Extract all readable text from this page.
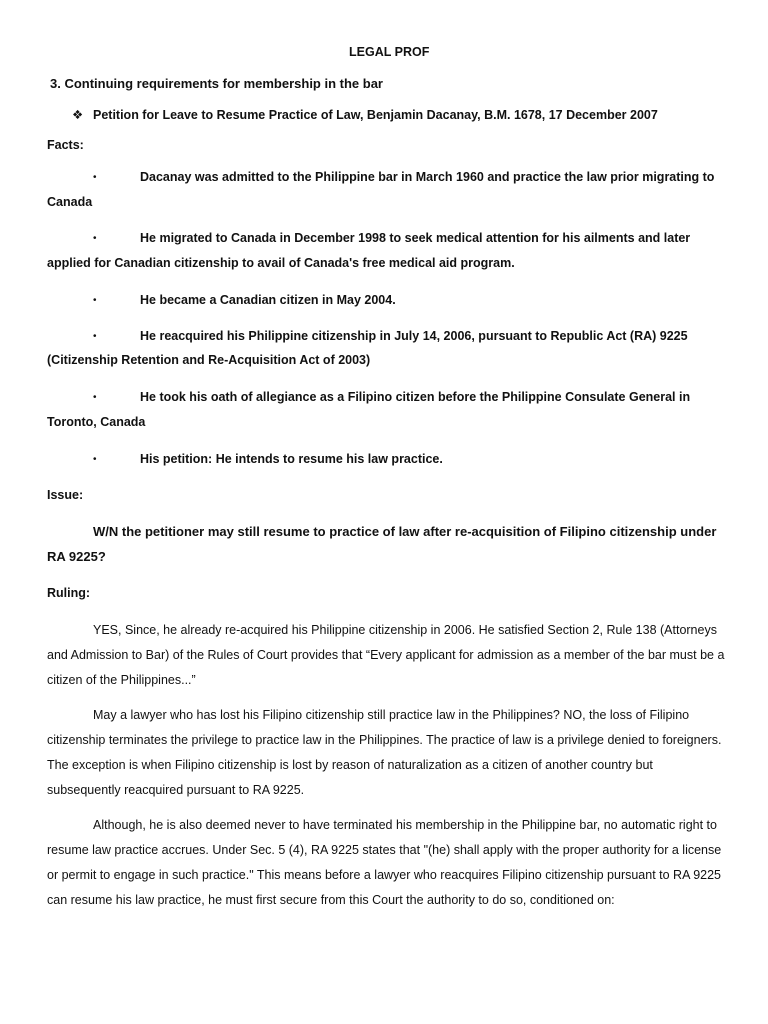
LEGAL PROF
3. Continuing requirements for membership in the bar
❖ Petition for Leave to Resume Practice of Law, Benjamin Dacanay, B.M. 1678, 17 December 2007
Facts:
•	Dacanay was admitted to the Philippine bar in March 1960 and practice the law prior migrating to
Canada
•	He migrated to Canada in December 1998 to seek medical attention for his ailments and later
applied for Canadian citizenship to avail of Canada's free medical aid program.
•	He became a Canadian citizen in May 2004.
•	He reacquired his Philippine citizenship in July 14, 2006, pursuant to Republic Act (RA) 9225
(Citizenship Retention and Re-Acquisition Act of 2003)
•	He took his oath of allegiance as a Filipino citizen before the Philippine Consulate General in
Toronto, Canada
•	His petition: He intends to resume his law practice.
Issue:
W/N the petitioner may still resume to practice of law after re-acquisition of Filipino citizenship under RA 9225?
Ruling:
YES, Since, he already re-acquired his Philippine citizenship in 2006. He satisfied Section 2, Rule 138 (Attorneys and Admission to Bar) of the Rules of Court provides that “Every applicant for admission as a member of the bar must be a citizen of the Philippines...”
May a lawyer who has lost his Filipino citizenship still practice law in the Philippines? NO, the loss of Filipino citizenship terminates the privilege to practice law in the Philippines. The practice of law is a privilege denied to foreigners. The exception is when Filipino citizenship is lost by reason of naturalization as a citizen of another country but subsequently reacquired pursuant to RA 9225.
Although, he is also deemed never to have terminated his membership in the Philippine bar, no automatic right to resume law practice accrues. Under Sec. 5 (4), RA 9225 states that "(he) shall apply with the proper authority for a license or permit to engage in such practice." This means before a lawyer who reacquires Filipino citizenship pursuant to RA 9225 can resume his law practice, he must first secure from this Court the authority to do so, conditioned on:
